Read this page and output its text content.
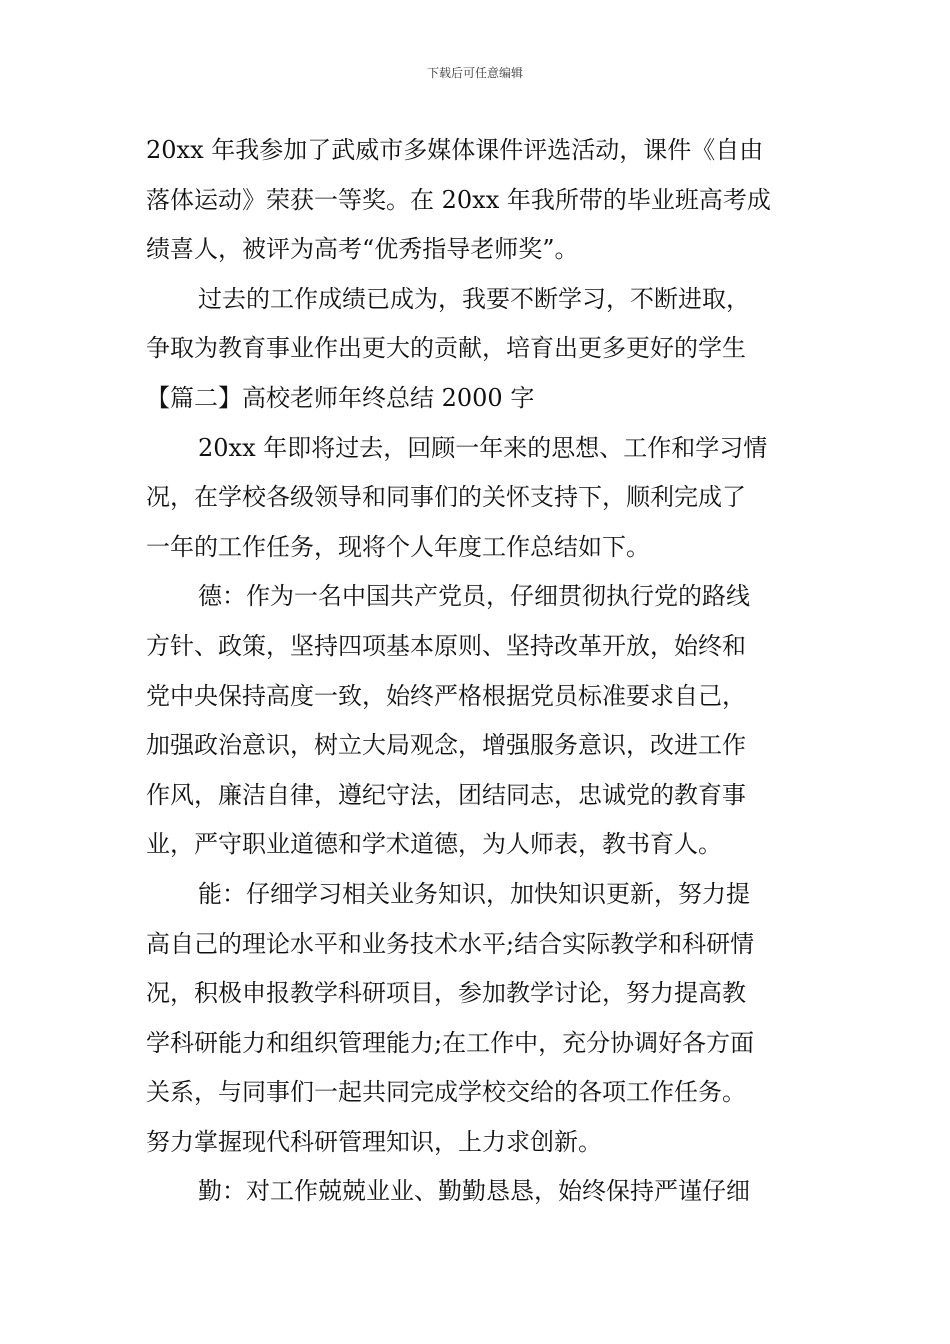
下载后可任意编辑
20xx 年我参加了武威市多媒体课件评选活动，课件《自由
落体运动》荣获一等奖。在 20xx 年我所带的毕业班高考成
绩喜人，被评为高考“优秀指导老师奖”。
过去的工作成绩已成为，我要不断学习，不断进取，
争取为教育事业作出更大的贡献，培育出更多更好的学生
【篇二】高校老师年终总结 2000 字
20xx 年即将过去，回顾一年来的思想、工作和学习情
况，在学校各级领导和同事们的关怀支持下，顺利完成了
一年的工作任务，现将个人年度工作总结如下。
德：作为一名中国共产党员，仔细贯彻执行党的路线
方针、政策，坚持四项基本原则、坚持改革开放，始终和
党中央保持高度一致，始终严格根据党员标准要求自己，
加强政治意识，树立大局观念，增强服务意识，改进工作
作风，廉洁自律，遵纪守法，团结同志，忠诚党的教育事
业，严守职业道德和学术道德，为人师表，教书育人。
能：仔细学习相关业务知识，加快知识更新，努力提
高自己的理论水平和业务技术水平;结合实际教学和科研情
况，积极申报教学科研项目，参加教学讨论，努力提高教
学科研能力和组织管理能力;在工作中，充分协调好各方面
关系，与同事们一起共同完成学校交给的各项工作任务。
努力掌握现代科研管理知识，上力求创新。
勤：对工作兢兢业业、勤勤恳恳，始终保持严谨仔细
